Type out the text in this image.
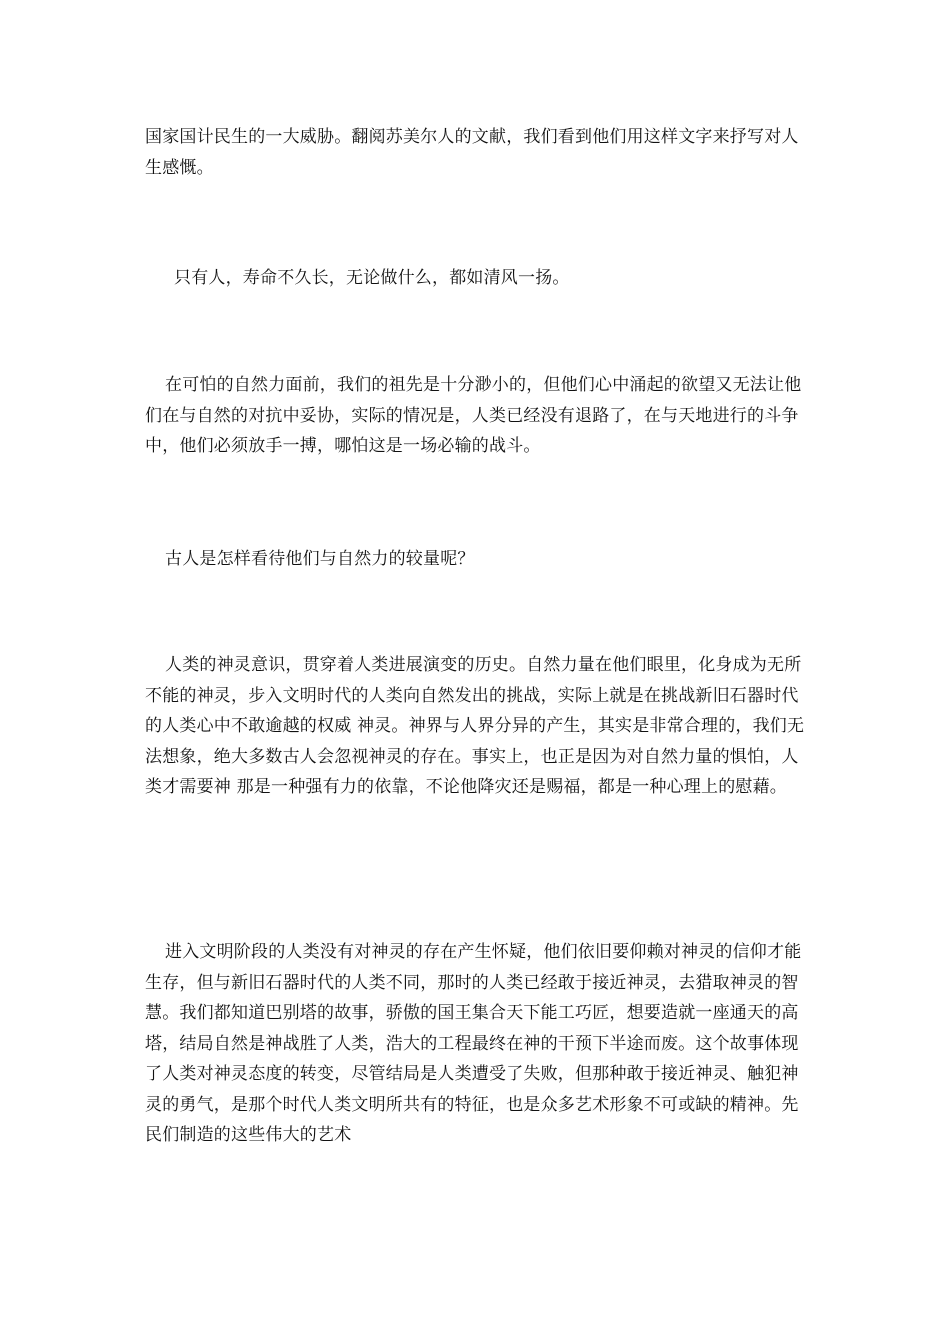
国家国计民生的一大威胁。翻阅苏美尔人的文献，我们看到他们用这样文字来抒写对人生感慨。

只有人，寿命不久长，无论做什么，都如清风一扬。

在可怕的自然力面前，我们的祖先是十分渺小的，但他们心中涌起的欲望又无法让他们在与自然的对抗中妥协，实际的情况是，人类已经没有退路了，在与天地进行的斗争中，他们必须放手一搏，哪怕这是一场必输的战斗。

古人是怎样看待他们与自然力的较量呢？

人类的神灵意识，贯穿着人类进展演变的历史。自然力量在他们眼里，化身成为无所不能的神灵，步入文明时代的人类向自然发出的挑战，实际上就是在挑战新旧石器时代的人类心中不敢逾越的权威 神灵。神界与人界分异的产生，其实是非常合理的，我们无法想象，绝大多数古人会忽视神灵的存在。事实上，也正是因为对自然力量的惧怕，人类才需要神 那是一种强有力的依靠，不论他降灾还是赐福，都是一种心理上的慰藉。

进入文明阶段的人类没有对神灵的存在产生怀疑，他们依旧要仰赖对神灵的信仰才能生存，但与新旧石器时代的人类不同，那时的人类已经敢于接近神灵，去猎取神灵的智慧。我们都知道巴别塔的故事，骄傲的国王集合天下能工巧匠，想要造就一座通天的高塔，结局自然是神战胜了人类，浩大的工程最终在神的干预下半途而废。这个故事体现了人类对神灵态度的转变，尽管结局是人类遭受了失败，但那种敢于接近神灵、触犯神灵的勇气，是那个时代人类文明所共有的特征，也是众多艺术形象不可或缺的精神。先民们制造的这些伟大的艺术
